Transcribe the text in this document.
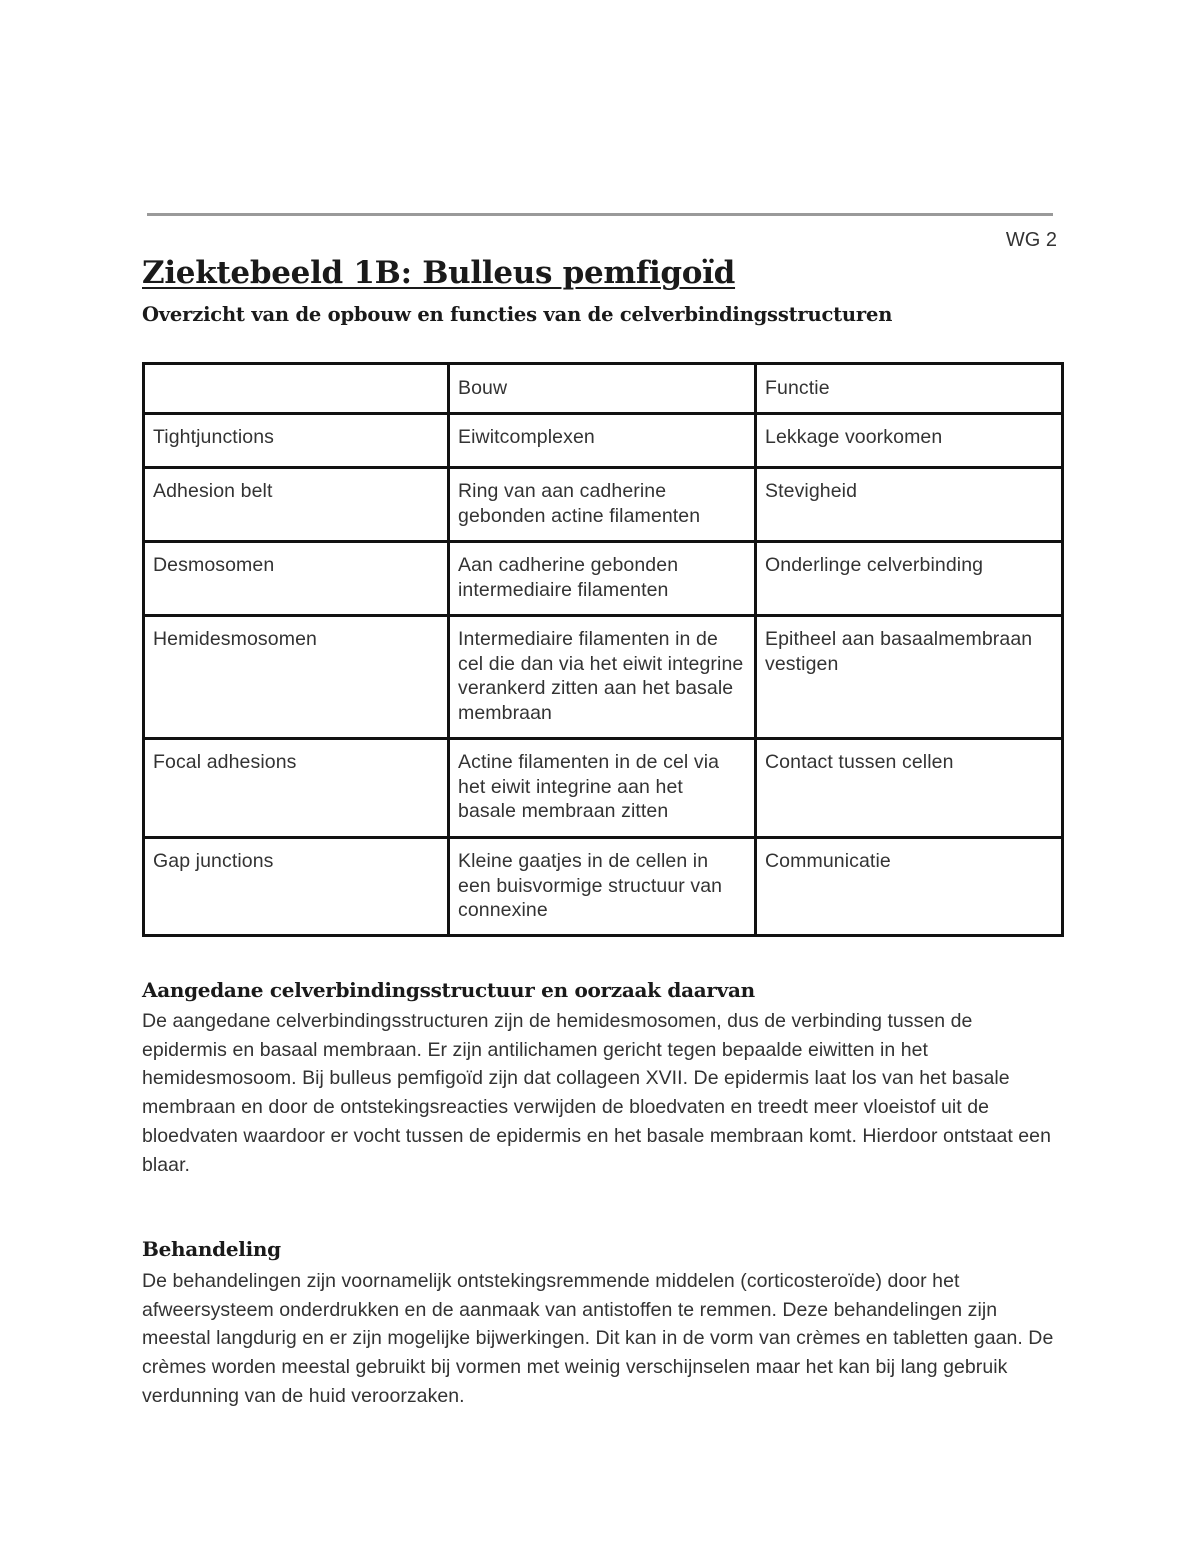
WG 2
Ziektebeeld 1B: Bulleus pemfigoïd
Overzicht van de opbouw en functies van de celverbindingsstructuren
	Bouw	Functie
Tightjunctions	Eiwitcomplexen	Lekkage voorkomen
Adhesion belt	Ring van aan cadherine gebonden actine filamenten	Stevigheid
Desmosomen	Aan cadherine gebonden intermediaire filamenten	Onderlinge celverbinding
Hemidesmosomen	Intermediaire filamenten in de cel die dan via het eiwit integrine verankerd zitten aan het basale membraan	Epitheel aan basaalmembraan vestigen
Focal adhesions	Actine filamenten in de cel via het eiwit integrine aan het basale membraan zitten	Contact tussen cellen
Gap junctions	Kleine gaatjes in de cellen in een buisvormige structuur van connexine	Communicatie
Aangedane celverbindingsstructuur en oorzaak daarvan

De aangedane celverbindingsstructuren zijn de hemidesmosomen, dus de verbinding tussen de epidermis en basaal membraan. Er zijn antilichamen gericht tegen bepaalde eiwitten in het hemidesmosoom. Bij bulleus pemfigoïd zijn dat collageen XVII. De epidermis laat los van het basale membraan en door de ontstekingsreacties verwijden de bloedvaten en treedt meer vloeistof uit de bloedvaten waardoor er vocht tussen de epidermis en het basale membraan komt. Hierdoor ontstaat een blaar.

Behandeling

De behandelingen zijn voornamelijk ontstekingsremmende middelen (corticosteroïde) door het afweersysteem onderdrukken en de aanmaak van antistoffen te remmen. Deze behandelingen zijn meestal langdurig en er zijn mogelijke bijwerkingen. Dit kan in de vorm van crèmes en tabletten gaan. De crèmes worden meestal gebruikt bij vormen met weinig verschijnselen maar het kan bij lang gebruik verdunning van de huid veroorzaken.
